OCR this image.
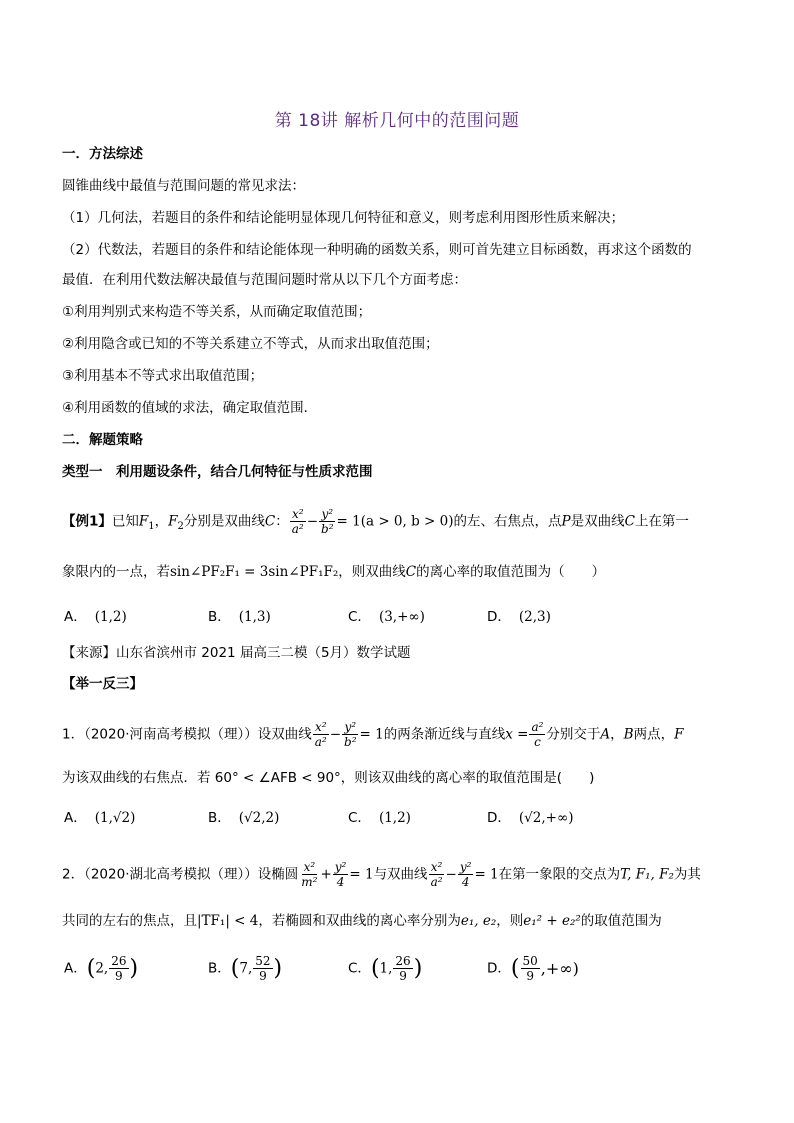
第 18讲 解析几何中的范围问题
一．方法综述
圆锥曲线中最值与范围问题的常见求法：
（1）几何法，若题目的条件和结论能明显体现几何特征和意义，则考虑利用图形性质来解决；
（2）代数法，若题目的条件和结论能体现一种明确的函数关系，则可首先建立目标函数，再求这个函数的
最值．在利用代数法解决最值与范围问题时常从以下几个方面考虑：
①利用判别式来构造不等关系，从而确定取值范围；
②利用隐含或已知的不等关系建立不等式，从而求出取值范围；
③利用基本不等式求出取值范围；
④利用函数的值域的求法，确定取值范围．
二．解题策略
类型一　利用题设条件，结合几何特征与性质求范围
【例1】已知$F_1$，$F_2$分别是双曲线C： $\frac{\text{x²}}{\text{a²}} - \frac{\text{y²}}{\text{b²}} = 1(a > 0$, b > 0)的左、右焦点，点P是双曲线C上在第一
象限内的一点，若sin∠PF₂F₁ = 3sin∠PF₁F₂，则双曲线C的离心率的取值范围为（　　）
A． (1,2)	B． (1,3)	C． (3,+∞)	D． (2,3)
【来源】山东省滨州市 2021 届高三二模（5月）数学试题
【举一反三】
1．（2020·河南高考模拟（理））设双曲线 $\frac{\text{x²}}{\text{a²}} - \frac{\text{y²}}{\text{b²}} = 1$的两条渐近线与直线$x = \frac{\text{a²}}{c}$ 分别交于A，B两点，F
为该双曲线的右焦点．若 60° < ∠AFB < 90°，则该双曲线的离心率的取值范围是(　　)
A． (1,√2)	B． (√2,2)	C． (1,2)	D． (√2,+∞)
2．（2020·湖北高考模拟（理））设椭圆 $\frac{\text{x²}}{\text{m²}} + \frac{\text{y²}}{4} = 1$与双曲线 $\frac{\text{x²}}{\text{a²}} - \frac{\text{y²}}{4} = 1$在第一象限的交点为T, F₁, F₂为其
共同的左右的焦点，且|TF₁| < 4，若椭圆和双曲线的离心率分别为e₁, e₂，则e₁² + e₂²的取值范围为
A．(2, $\frac{26}{9}$ )	B．(7, $\frac{52}{9}$ )	C．(1, $\frac{26}{9}$ )	D．( $\frac{50}{9}$ ,+∞)
